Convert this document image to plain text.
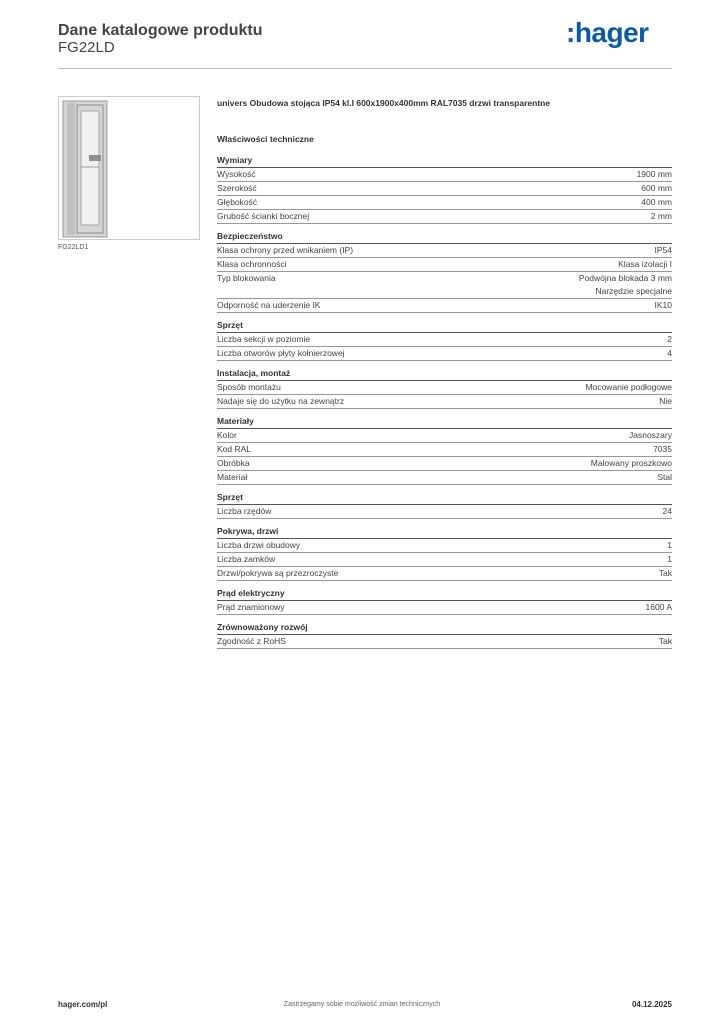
Dane katalogowe produktu
FG22LD	:hager
FG22LD1
univers Obudowa stojąca IP54 kl.I 600x1900x400mm RAL7035 drzwi transparentne
Właściwości techniczne
Wymiary
Wysokość	1900 mm
Szerokość	600 mm
Głębokość	400 mm
Grubość ścianki bocznej	2 mm
Bezpieczeństwo
Klasa ochrony przed wnikaniem (IP)	IP54
Klasa ochronności	Klasa izolacji I
Typ blokowania	Podwójna blokada 3 mm
Narzędzie specjalne
Odporność na uderzenie IK	IK10
Sprzęt
Liczba sekcji w poziomie	2
Liczba otworów płyty kołnierzowej	4
Instalacja, montaż
Sposób montażu	Mocowanie podłogowe
Nadaje się do użytku na zewnątrz	Nie
Materiały
Kolor	Jasnoszary
Kod RAL	7035
Obróbka	Malowany proszkowo
Materiał	Stal
Sprzęt
Liczba rzędów	24
Pokrywa, drzwi
Liczba drzwi obudowy	1
Liczba zamków	1
Drzwi/pokrywa są przezroczyste	Tak
Prąd elektryczny
Prąd znamionowy	1600 A
Zrównoważony rozwój
Zgodność z RoHS	Tak
hager.com/pl	Zastrzegamy sobie możliwość zmian technicznych	04.12.2025
